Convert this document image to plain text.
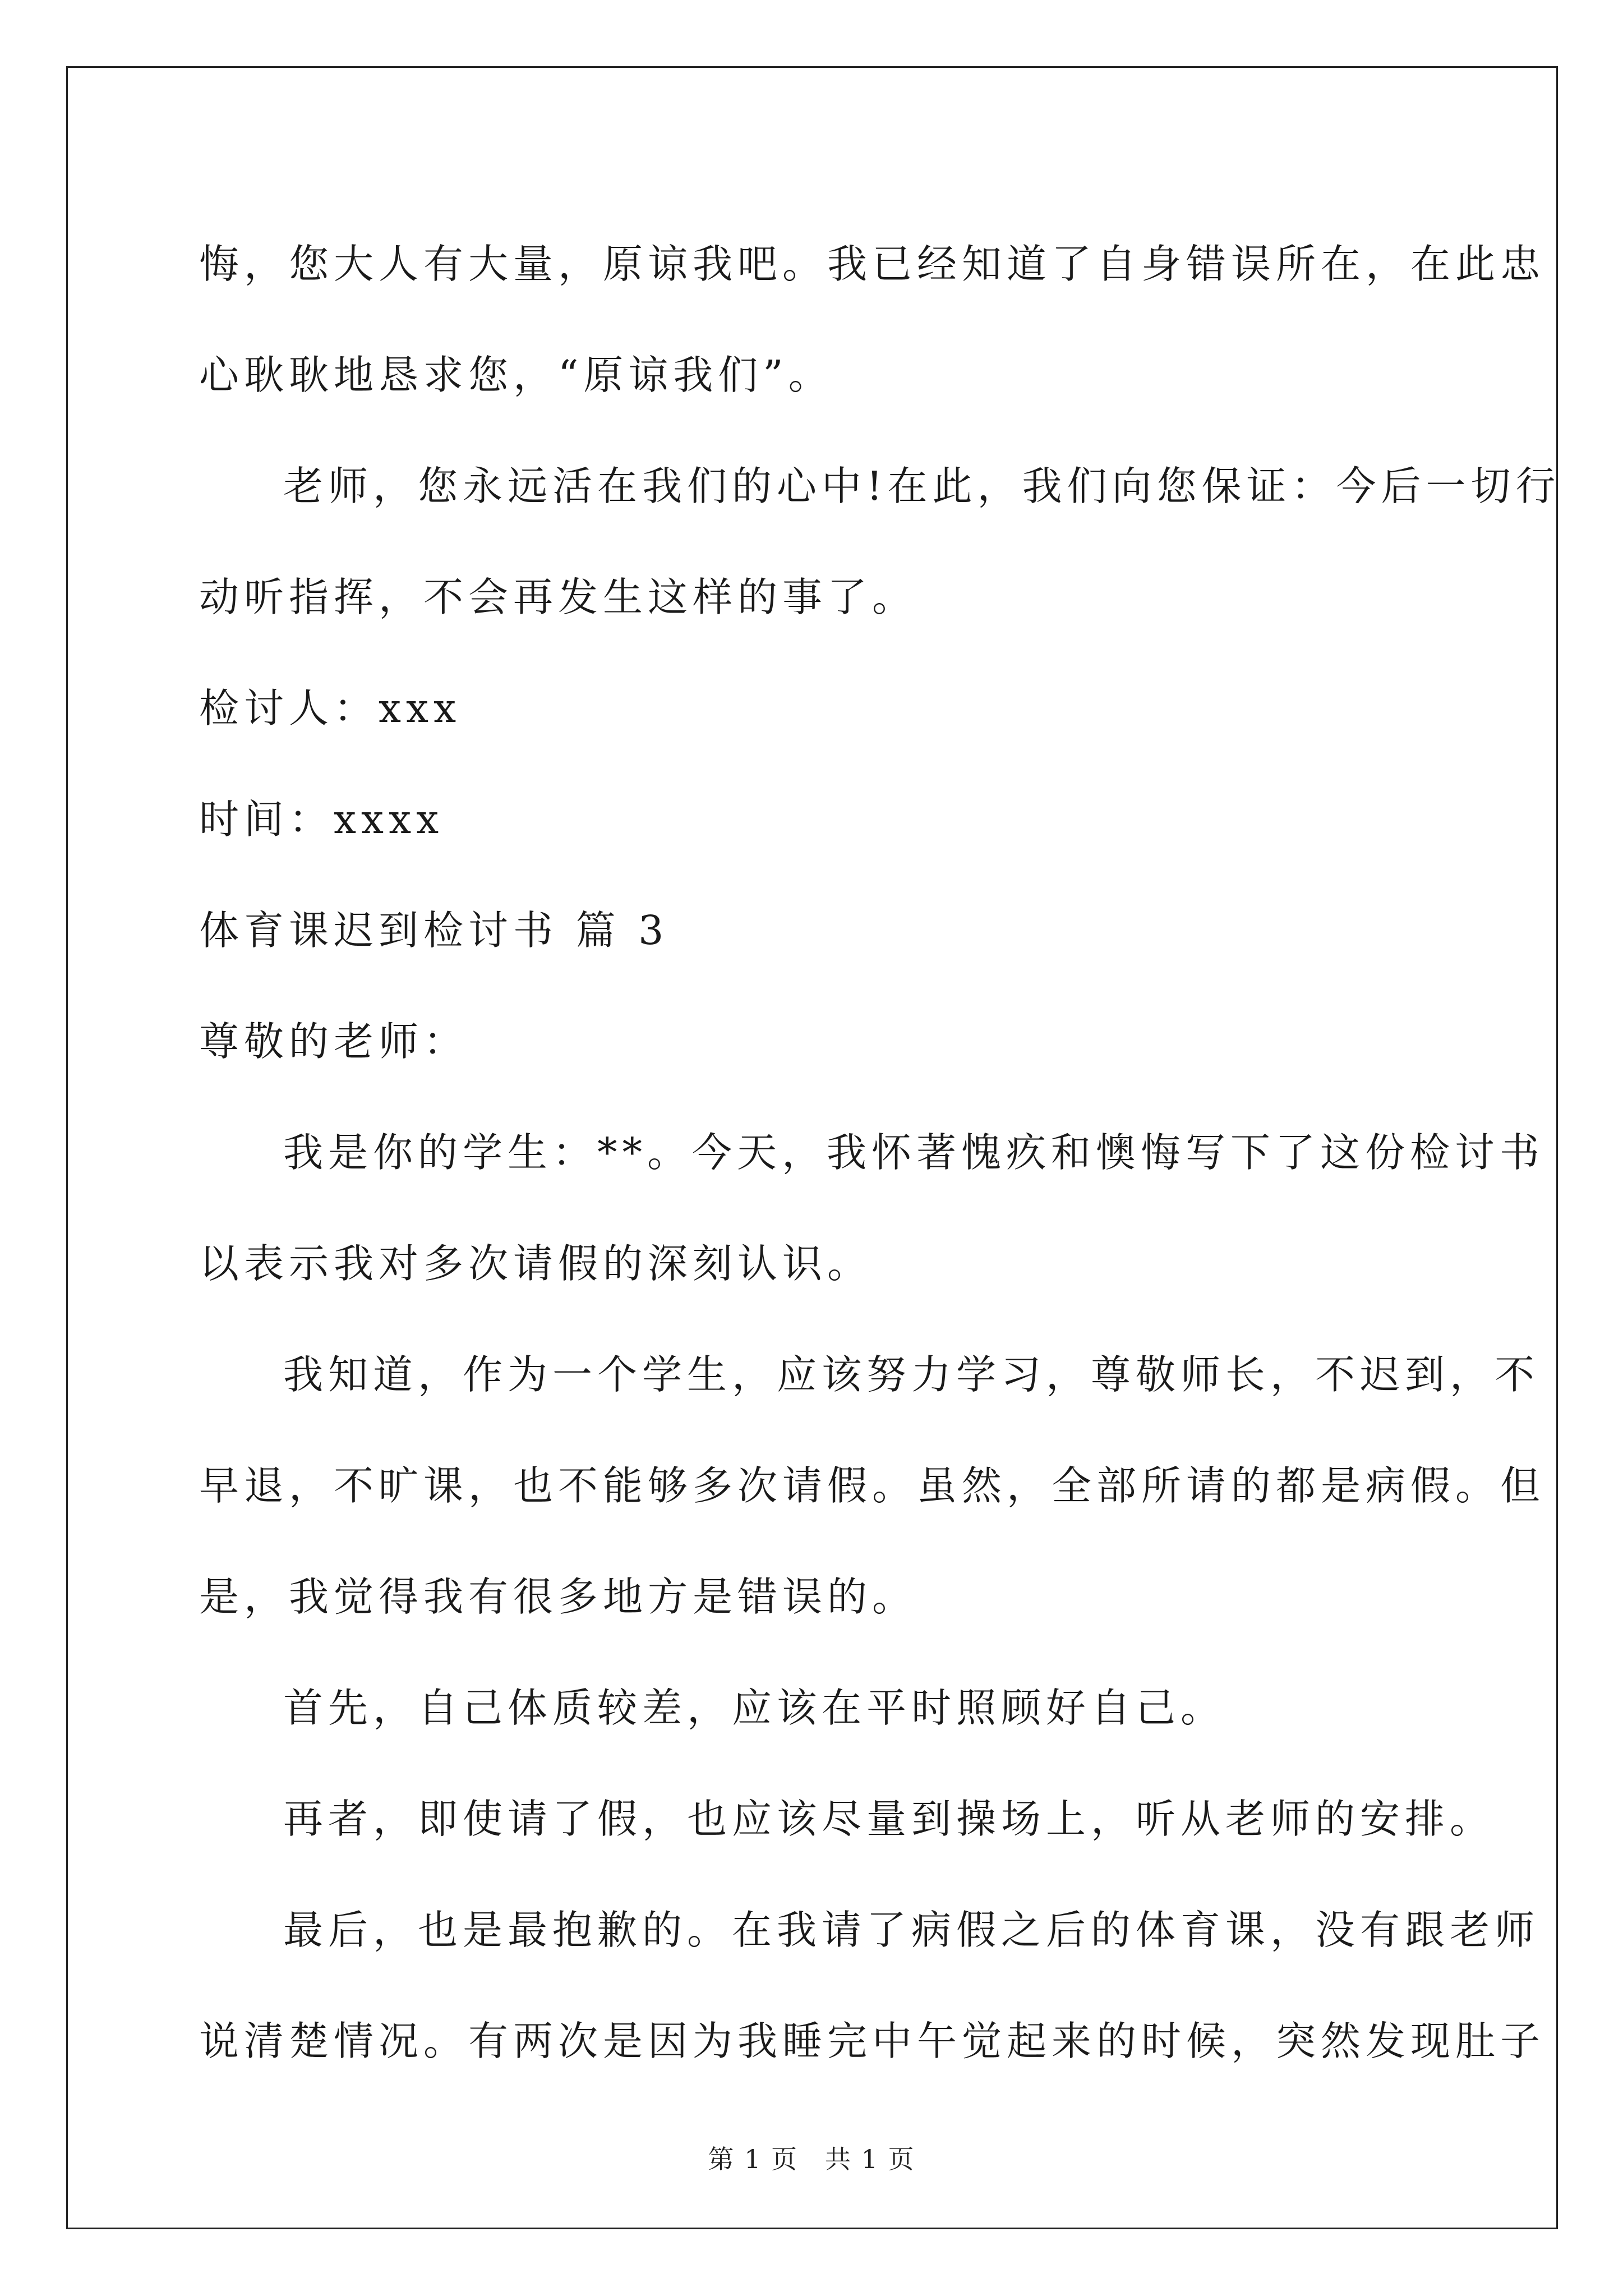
悔，您大人有大量，原谅我吧。我已经知道了自身错误所在，在此忠
心耿耿地恳求您，“原谅我们”。
老师，您永远活在我们的心中!在此，我们向您保证：今后一切行
动听指挥，不会再发生这样的事了。
检讨人：xxx
时间：xxxx
体育课迟到检讨书 篇 3
尊敬的老师：
我是你的学生：**。今天，我怀著愧疚和懊悔写下了这份检讨书
以表示我对多次请假的深刻认识。
我知道，作为一个学生，应该努力学习，尊敬师长，不迟到，不
早退，不旷课，也不能够多次请假。虽然，全部所请的都是病假。但
是，我觉得我有很多地方是错误的。
首先，自己体质较差，应该在平时照顾好自己。
再者，即使请了假，也应该尽量到操场上，听从老师的安排。
最后，也是最抱歉的。在我请了病假之后的体育课，没有跟老师
说清楚情况。有两次是因为我睡完中午觉起来的时候，突然发现肚子
第 1 页 共 1 页
